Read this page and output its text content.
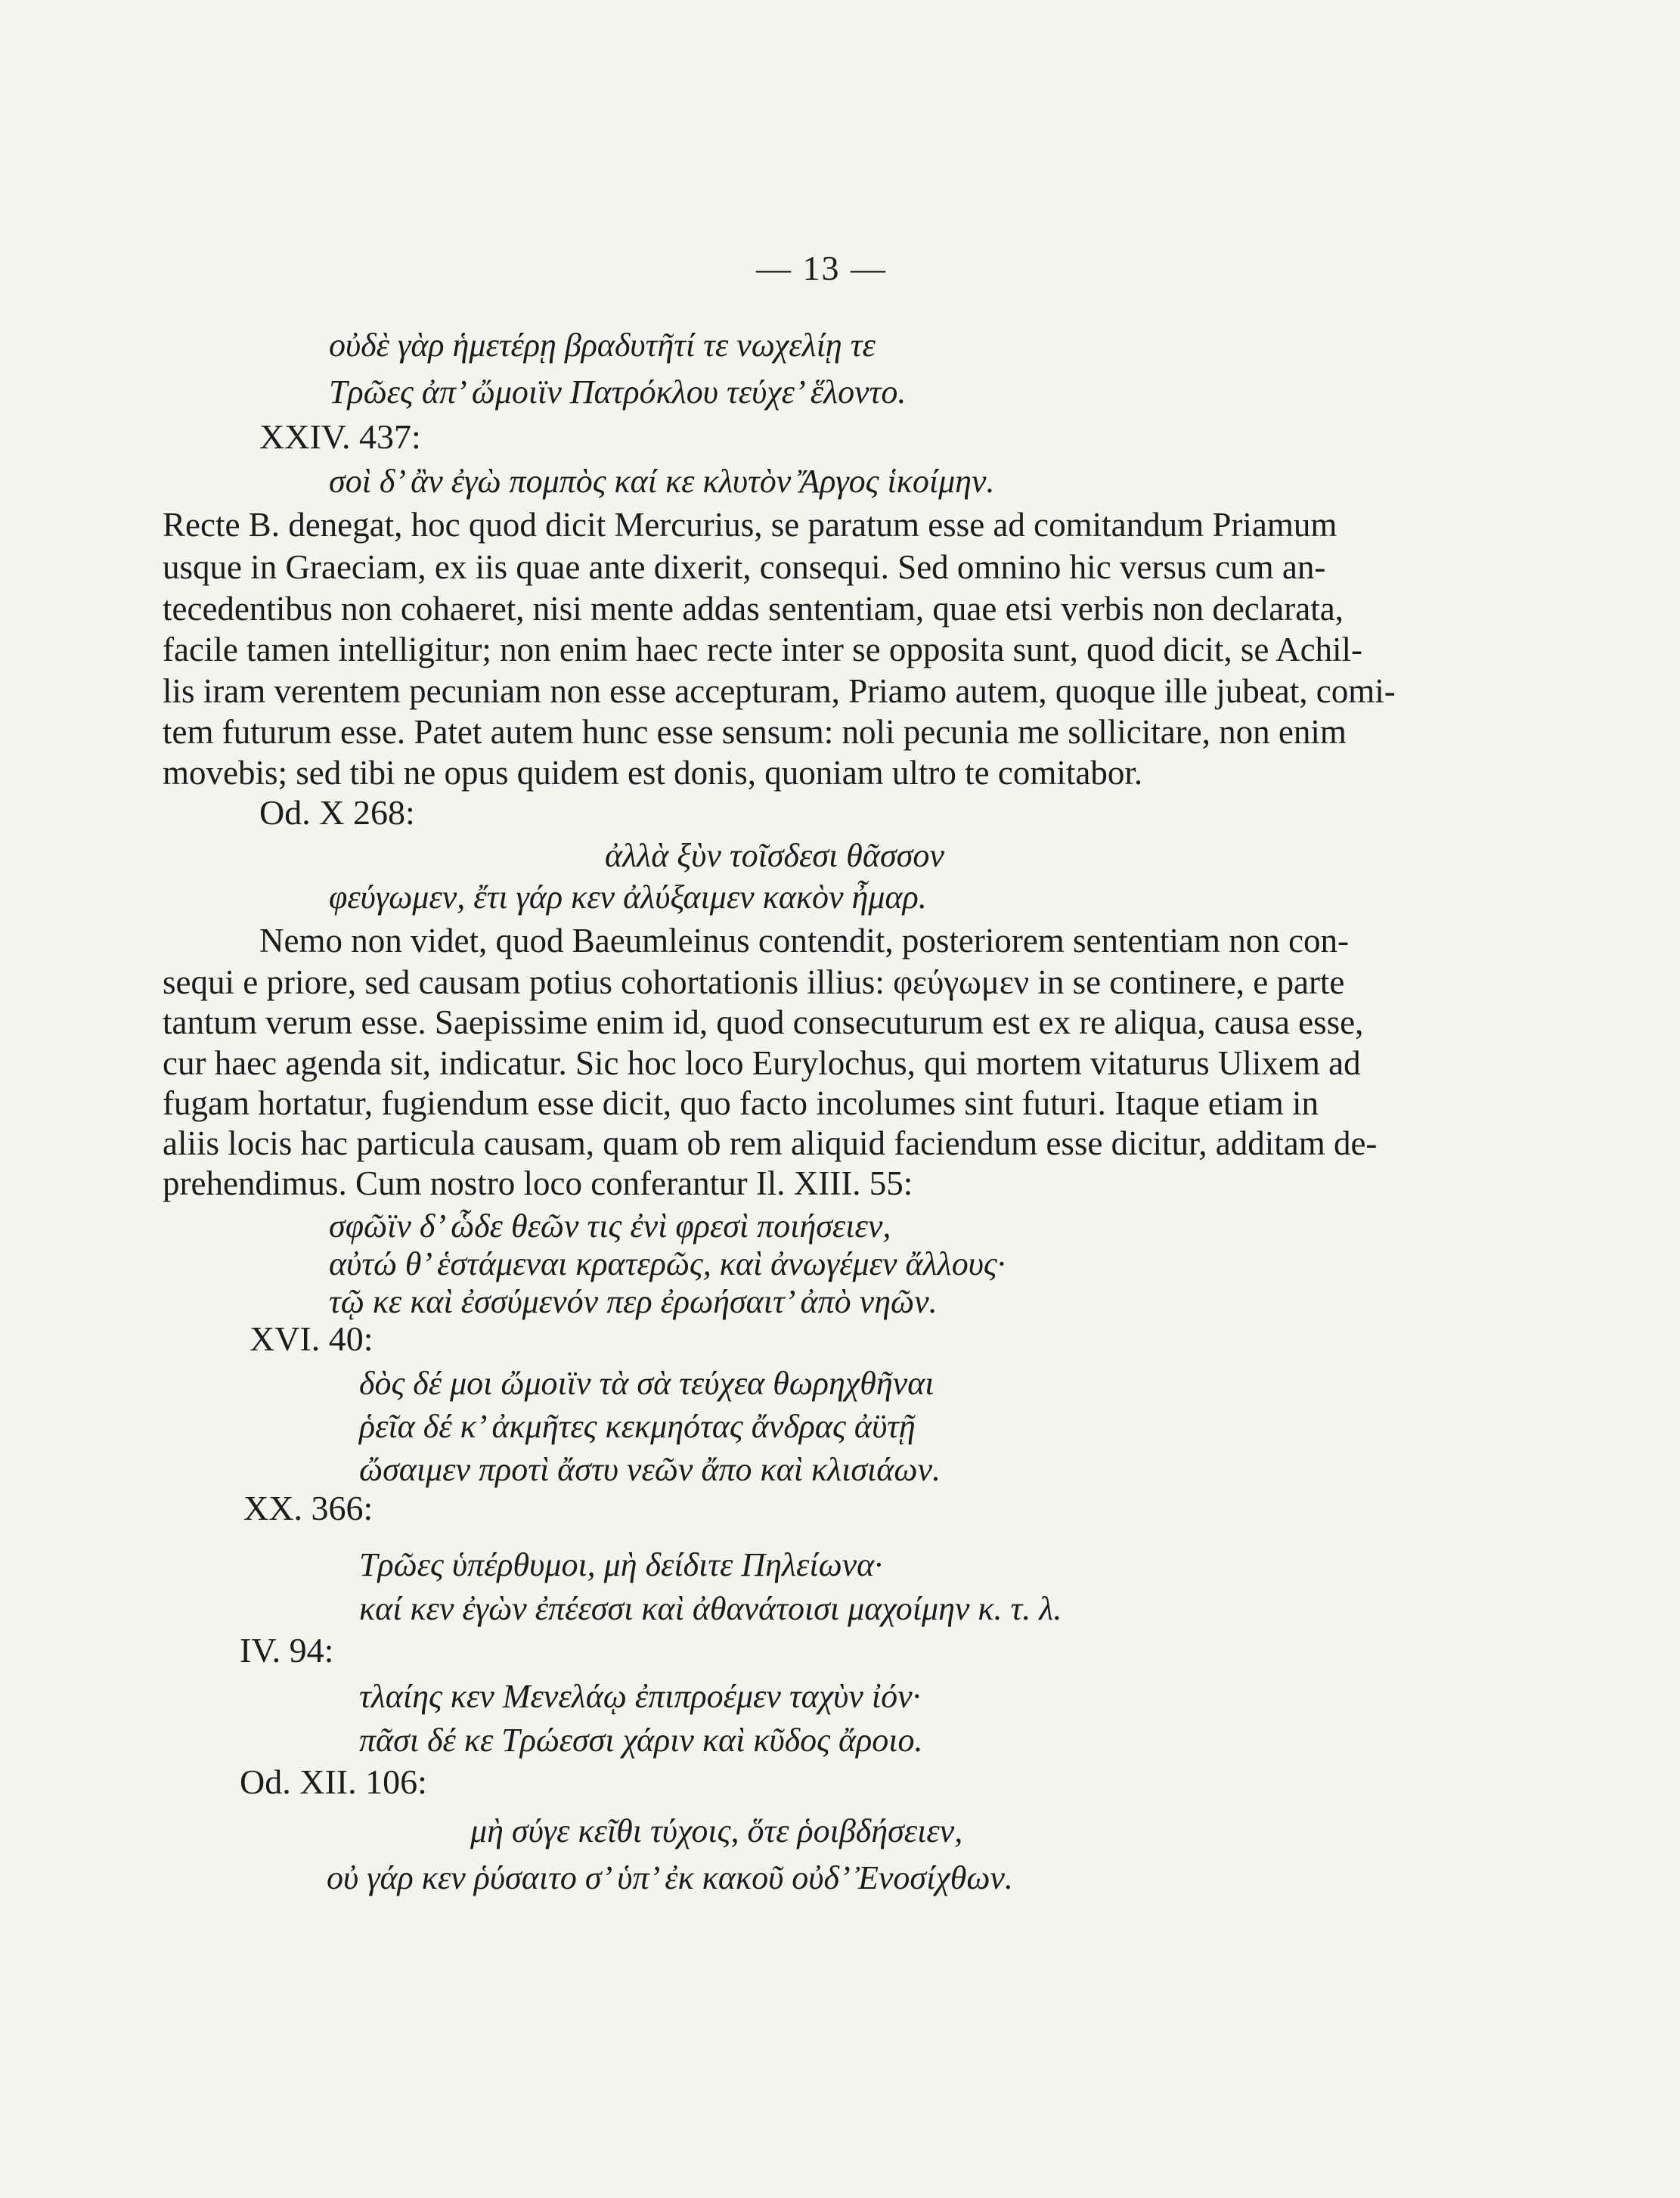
— 13 —
οὐδὲ γὰρ ἡμετέρῃ βραδυτῆτί τε νωχελίῃ τε
Τρῶες ἀπ’ ὤμοιϊν Πατρόκλου τεύχε’ ἕλοντο.
XXIV. 437:
σοὶ δ’ ἂν ἐγὼ πομπὸς καί κε κλυτὸν Ἄργος ἱκοίμην.
Recte B. denegat, hoc quod dicit Mercurius, se paratum esse ad comitandum Priamum
usque in Graeciam, ex iis quae ante dixerit, consequi. Sed omnino hic versus cum an-
tecedentibus non cohaeret, nisi mente addas sententiam, quae etsi verbis non declarata,
facile tamen intelligitur; non enim haec recte inter se opposita sunt, quod dicit, se Achil-
lis iram verentem pecuniam non esse accepturam, Priamo autem, quoque ille jubeat, comi-
tem futurum esse. Patet autem hunc esse sensum: noli pecunia me sollicitare, non enim
movebis; sed tibi ne opus quidem est donis, quoniam ultro te comitabor.
Od. X 268:
ἀλλὰ ξὺν τοῖσδεσι θᾶσσον
φεύγωμεν, ἔτι γάρ κεν ἀλύξαιμεν κακὸν ἦμαρ.
Nemo non videt, quod Baeumleinus contendit, posteriorem sententiam non con-
sequi e priore, sed causam potius cohortationis illius: φεύγωμεν in se continere, e parte
tantum verum esse. Saepissime enim id, quod consecuturum est ex re aliqua, causa esse,
cur haec agenda sit, indicatur. Sic hoc loco Eurylochus, qui mortem vitaturus Ulixem ad
fugam hortatur, fugiendum esse dicit, quo facto incolumes sint futuri. Itaque etiam in
aliis locis hac particula causam, quam ob rem aliquid faciendum esse dicitur, additam de-
prehendimus. Cum nostro loco conferantur Il. XIII. 55:
σφῶϊν δ’ ὧδε θεῶν τις ἐνὶ φρεσὶ ποιήσειεν,
αὐτώ θ’ ἑστάμεναι κρατερῶς, καὶ ἀνωγέμεν ἄλλους·
τῷ κε καὶ ἐσσύμενόν περ ἐρωήσαιτ’ ἀπὸ νηῶν.
XVI. 40:
δὸς δέ μοι ὤμοιϊν τὰ σὰ τεύχεα θωρηχθῆναι
ῥεῖα δέ κ’ ἀκμῆτες κεκμηότας ἄνδρας ἀϋτῇ
ὤσαιμεν προτὶ ἄστυ νεῶν ἄπο καὶ κλισιάων.
XX. 366:
Τρῶες ὑπέρθυμοι, μὴ δείδιτε Πηλείωνα·
καί κεν ἐγὼν ἐπέεσσι καὶ ἀθανάτοισι μαχοίμην κ. τ. λ.
IV. 94:
τλαίης κεν Μενελάῳ ἐπιπροέμεν ταχὺν ἰόν·
πᾶσι δέ κε Τρώεσσι χάριν καὶ κῦδος ἄροιο.
Od. XII. 106:
μὴ σύγε κεῖθι τύχοις, ὅτε ῥοιβδήσειεν,
οὐ γάρ κεν ῥύσαιτο σ’ ὑπ’ ἐκ κακοῦ οὐδ’ Ἐνοσίχθων.
